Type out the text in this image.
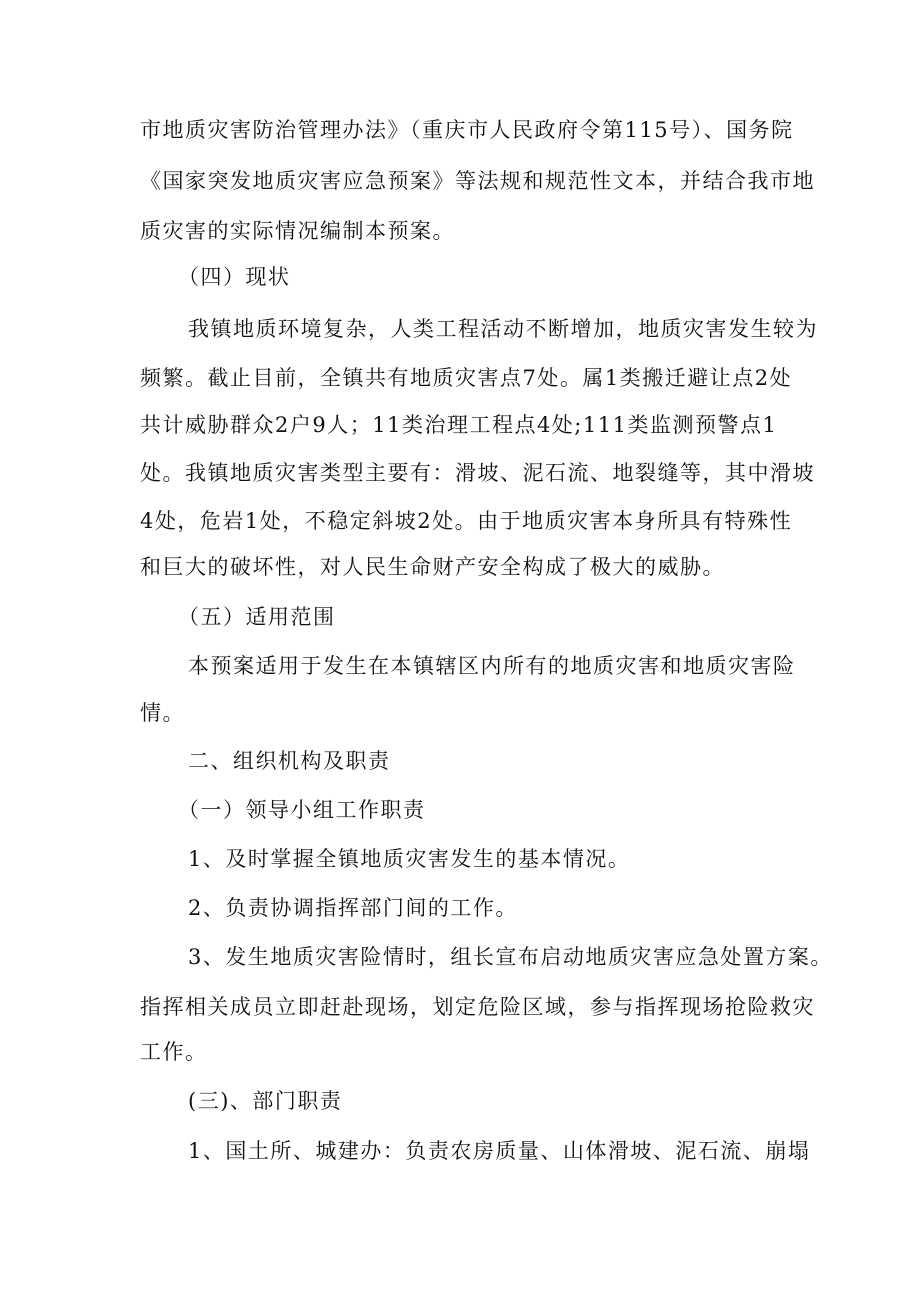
市地质灾害防治管理办法》（重庆市人民政府令第115号）、国务院
《国家突发地质灾害应急预案》等法规和规范性文本，并结合我市地
质灾害的实际情况编制本预案。
（四）现状
我镇地质环境复杂，人类工程活动不断增加，地质灾害发生较为
频繁。截止目前，全镇共有地质灾害点7处。属1类搬迁避让点2处
共计威胁群众2户9人；11类治理工程点4处;111类监测预警点1
处。我镇地质灾害类型主要有：滑坡、泥石流、地裂缝等，其中滑坡
4处，危岩1处，不稳定斜坡2处。由于地质灾害本身所具有特殊性
和巨大的破坏性，对人民生命财产安全构成了极大的威胁。
（五）适用范围
本预案适用于发生在本镇辖区内所有的地质灾害和地质灾害险
情。
二、组织机构及职责
（一）领导小组工作职责
1、及时掌握全镇地质灾害发生的基本情况。
2、负责协调指挥部门间的工作。
3、发生地质灾害险情时，组长宣布启动地质灾害应急处置方案。
指挥相关成员立即赶赴现场，划定危险区域，参与指挥现场抢险救灾
工作。
(三)、部门职责
1、国土所、城建办：负责农房质量、山体滑坡、泥石流、崩塌
